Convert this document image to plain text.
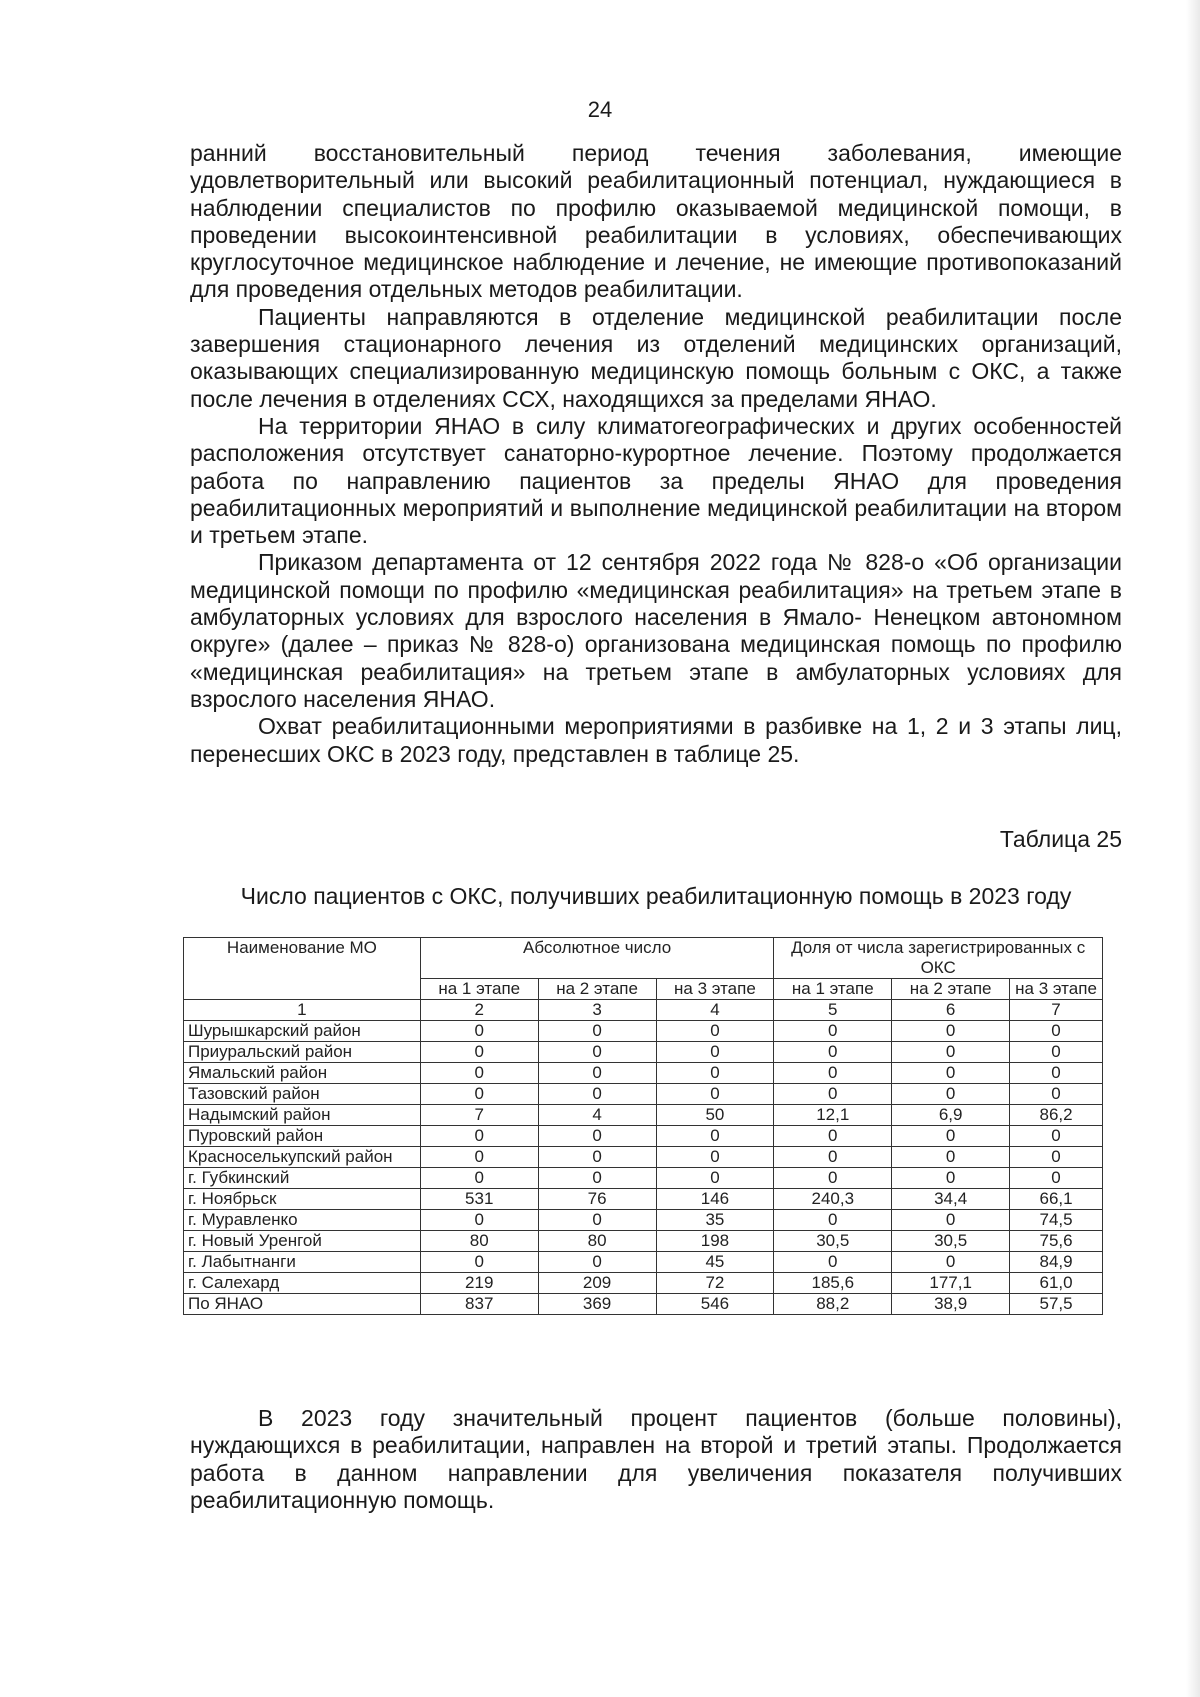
24

ранний восстановительный период течения заболевания, имеющие удовлетворительный или высокий реабилитационный потенциал, нуждающиеся в наблюдении специалистов по профилю оказываемой медицинской помощи, в проведении высокоинтенсивной реабилитации в условиях, обеспечивающих круглосуточное медицинское наблюдение и лечение, не имеющие противопоказаний для проведения отдельных методов реабилитации.

Пациенты направляются в отделение медицинской реабилитации после завершения стационарного лечения из отделений медицинских организаций, оказывающих специализированную медицинскую помощь больным с ОКС, а также после лечения в отделениях ССХ, находящихся за пределами ЯНАО.

На территории ЯНАО в силу климатогеографических и других особенностей расположения отсутствует санаторно-курортное лечение. Поэтому продолжается работа по направлению пациентов за пределы ЯНАО для проведения реабилитационных мероприятий и выполнение медицинской реабилитации на втором и третьем этапе.

Приказом департамента от 12 сентября 2022 года № 828-о «Об организации медицинской помощи по профилю «медицинская реабилитация» на третьем этапе в амбулаторных условиях для взрослого населения в Ямало- Ненецком автономном округе» (далее – приказ № 828-о) организована медицинская помощь по профилю «медицинская реабилитация» на третьем этапе в амбулаторных условиях для взрослого населения ЯНАО.

Охват реабилитационными мероприятиями в разбивке на 1, 2 и 3 этапы лиц, перенесших ОКС в 2023 году, представлен в таблице 25.

Таблица 25
Число пациентов с ОКС, получивших реабилитационную помощь в 2023 году
Наименование МО	Абсолютное число			Доля от числа зарегистрированных с ОКС		
	на 1 этапе	на 2 этапе	на 3 этапе	на 1 этапе	на 2 этапе	на 3 этапе
1	2	3	4	5	6	7
Шурышкарский район	0	0	0	0	0	0
Приуральский район	0	0	0	0	0	0
Ямальский район	0	0	0	0	0	0
Тазовский район	0	0	0	0	0	0
Надымский район	7	4	50	12,1	6,9	86,2
Пуровский район	0	0	0	0	0	0
Красноселькупский район	0	0	0	0	0	0
г. Губкинский	0	0	0	0	0	0
г. Ноябрьск	531	76	146	240,3	34,4	66,1
г. Муравленко	0	0	35	0	0	74,5
г. Новый Уренгой	80	80	198	30,5	30,5	75,6
г. Лабытнанги	0	0	45	0	0	84,9
г. Салехард	219	209	72	185,6	177,1	61,0
По ЯНАО	837	369	546	88,2	38,9	57,5

В 2023 году значительный процент пациентов (больше половины), нуждающихся в реабилитации, направлен на второй и третий этапы. Продолжается работа в данном направлении для увеличения показателя получивших реабилитационную помощь.
